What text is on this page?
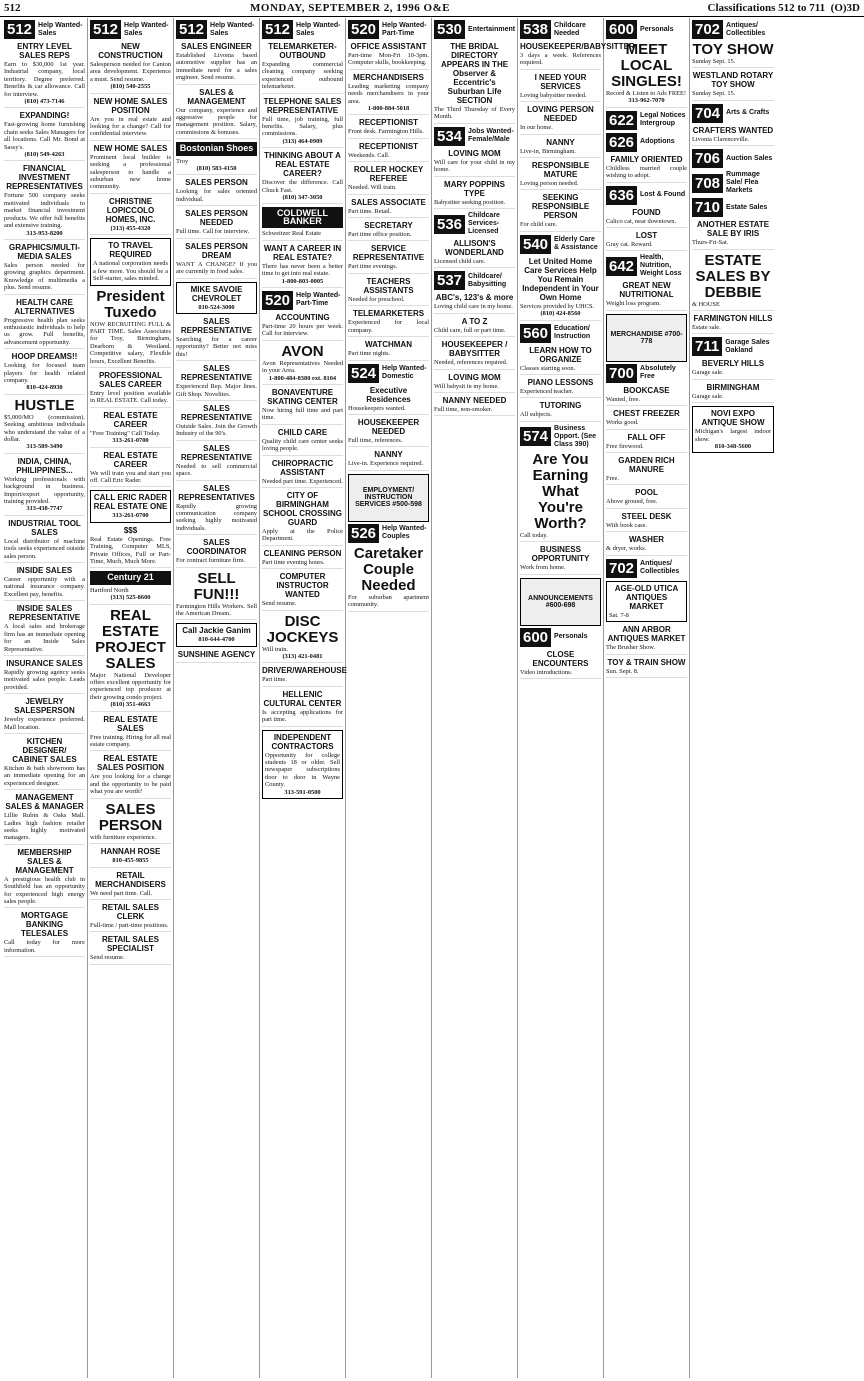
512	MONDAY, SEPTEMBER 2, 1996 O&E	Classifications 512 to 711 (O)3D
512 Help Wanted-Sales
ENTRY LEVEL SALES REPS
Earn to $30,000 1st year. Industrial company, local territory. Degree preferred. Benefits & car allowance. Call for interview.
(810) 473-7146
EXPANDING!
Fast-growing home furnishing chain seeks Sales Managers for all locations. Call Mr. Bond at Sassy's.
(810) 549-4263
FINANCIAL INVESTMENT REPRESENTATIVES
Fortune 500 company seeks motivated individuals to market financial investment products. We offer full benefits and extensive training.
313-953-8200
GRAPHICS/MULTI-MEDIA SALES
Sales person needed for growing graphics department. Knowledge of multimedia a plus. Send resume.
HEALTH CARE ALTERNATIVES
Progressive health plan seeks enthusiastic individuals to help us grow. Full benefits, advancement opportunity.
HOOP DREAMS!!
Looking for focused team players for health related company.
810-424-8930
HUSTLE
$5,000/MO (commission). Seeking ambitious individuals who understand the value of a dollar.
313-589-3490
INDIA, CHINA, PHILIPPINES...
Working professionals with background in business. Import/export opportunity, training provided.
313-438-7747
INDUSTRIAL TOOL SALES
Local distributor of machine tools seeks experienced outside sales person.
INSIDE SALES
Career opportunity with a national insurance company. Excellent pay, benefits.
INSIDE SALES REPRESENTATIVE
A local sales and brokerage firm has an immediate opening for an Inside Sales Representative.
INSURANCE SALES
Rapidly growing agency seeks motivated sales people. Leads provided.
JEWELRY SALESPERSON
Jewelry experience preferred. Mall location.
KITCHEN DESIGNER/ CABINET SALES
Kitchen & bath showroom has an immediate opening for an experienced designer.
MANAGEMENT SALES & MANAGER
Lillie Rubin & Oaks Mall. Ladies high fashion retailer seeks highly motivated managers.
MEMBERSHIP SALES & MANAGEMENT
A prestigious health club in Southfield has an opportunity for experienced high energy sales people.
MORTGAGE BANKING TELESALES
Call today for more information.
512 Help Wanted-Sales
NEW CONSTRUCTION
Salesperson needed for Canton area development. Experience a must. Send resume.
(810) 540-2555
NEW HOME SALES POSITION
Are you in real estate and looking for a change? Call for confidential interview.
NEW HOME SALES
Prominent local builder is seeking a professional salesperson to handle a suburban new home community.
CHRISTINE LOPICCOLO HOMES, INC.
(313) 455-4320
TO TRAVEL REQUIRED
A national corporation needs a few more. You should be a Self-starter, sales minded.
President Tuxedo
NOW RECRUITING FULL & PART TIME. Sales Associates for Troy, Birmingham, Dearborn & Westland. Competitive salary, Flexible hours, Excellent Benefits.
PROFESSIONAL SALES CAREER
Entry level position available in REAL ESTATE. Call today.
REAL ESTATE CAREER
"Free Training" Call Today.
313-261-0700
REAL ESTATE CAREER
We will train you and start you off. Call Eric Rader.
CALL ERIC RADER REAL ESTATE ONE
313-261-0700
$$$
Real Estate Openings. Free Training, Computer MLS, Private Offices, Full or Part-Time, Much, Much More.
Century 21
Hartford North
(313) 525-8600
REAL ESTATE PROJECT SALES
Major National Developer offers excellent opportunity for experienced top producer at their growing condo project.
(810) 351-4663
REAL ESTATE SALES
Free training. Hiring for all real estate company.
REAL ESTATE SALES POSITION
Are you looking for a change and the opportunity to be paid what you are worth?
SALES PERSON
with furniture experience.
HANNAH ROSE
810-455-9855
RETAIL MERCHANDISERS
We need part time. Call.
RETAIL SALES CLERK
Full-time / part-time positions.
RETAIL SALES SPECIALIST
Send resume.
512 Help Wanted-Sales
SALES ENGINEER
Established Livonia based automotive supplier has an immediate need for a sales engineer. Send resume.
SALES & MANAGEMENT
Our company, experience and aggressive people for management position. Salary, commissions & bonuses.
Bostonian Shoes
Troy
(810) 583-4150
SALES PERSON
Looking for sales oriented individual.
SALES PERSON NEEDED
Full time. Call for interview.
SALES PERSON DREAM
WANT A CHANGE? If you are currently in food sales.
MIKE SAVOIE CHEVROLET
810-524-3000
SALES REPRESENTATIVE
Searching for a career opportunity? Better not miss this!
SALES REPRESENTATIVE
Experienced Rep. Major lines. Gift Shop. Novelties.
SALES REPRESENTATIVE
Outside Sales. Join the Growth Industry of the 90's.
SALES REPRESENTATIVE
Needed to sell commercial space.
SALES REPRESENTATIVES
Rapidly growing communication company seeking highly motivated individuals.
SALES COORDINATOR
For contract furniture firm.
SELL FUN!!!
Farmington Hills Workers. Sell the American Dream.
Call Jackie Ganim
810-644-4700
SUNSHINE AGENCY
512 Help Wanted-Sales
TELEMARKETER-OUTBOUND
Expanding commercial cleaning company seeking experienced outbound telemarketer.
TELEPHONE SALES REPRESENTATIVE
Full time, job training, full benefits. Salary, plus commissions.
(313) 464-0909
THINKING ABOUT A REAL ESTATE CAREER?
Discover the difference. Call Chuck Fast.
(810) 347-3050
COLDWELL BANKER
Schweitzer Real Estate
WANT A CAREER IN REAL ESTATE?
There has never been a better time to get into real estate.
1-800-803-0005
520 Help Wanted-Part-Time
ACCOUNTING
Part-time 20 hours per week. Call for interview.
AVON
Avon Representatives Needed in your Area.
1-800-484-8380 ext. 8104
BONAVENTURE SKATING CENTER
Now hiring full time and part time.
CHILD CARE
Quality child care center seeks loving people.
CHIROPRACTIC ASSISTANT
Needed part time. Experienced.
CITY OF BIRMINGHAM SCHOOL CROSSING GUARD
Apply at the Police Department.
CLEANING PERSON
Part time evening hours.
COMPUTER INSTRUCTOR WANTED
Send resume.
DISC JOCKEYS
Will train.
(313) 421-0481
DRIVER/WAREHOUSE
Part time.
HELLENIC CULTURAL CENTER
Is accepting applications for part time.
INDEPENDENT CONTRACTORS
Opportunity for college students 18 or older. Sell newspaper subscriptions door to door in Wayne County.
313-591-0500
520 Help Wanted-Part-Time
OFFICE ASSISTANT
Part-time Mon-Fri 10-3pm. Computer skills, bookkeeping.
MERCHANDISERS
Leading marketing company needs merchandisers in your area.
1-800-884-5018
RECEPTIONIST
Front desk. Farmington Hills.
RECEPTIONIST
Weekends. Call.
ROLLER HOCKEY REFEREE
Needed. Will train.
SALES ASSOCIATE
Part time. Retail.
SECRETARY
Part time office position.
SERVICE REPRESENTATIVE
Part time evenings.
TEACHERS ASSISTANTS
Needed for preschool.
TELEMARKETERS
Experienced for local company.
WATCHMAN
Part time nights.
524 Help Wanted-Domestic
Executive Residences
Housekeepers wanted.
HOUSEKEEPER NEEDED
Full time, references.
NANNY
Live-in. Experience required.
EMPLOYMENT/ INSTRUCTION SERVICES #500-598
526 Help Wanted-Couples
Caretaker Couple Needed
For suburban apartment community.
530 Entertainment
THE BRIDAL DIRECTORY APPEARS IN THE Observer & Eccentric's Suburban Life SECTION
The Third Thursday of Every Month.
534 Jobs Wanted-Female/Male
LOVING MOM
Will care for your child in my home.
MARY POPPINS TYPE
Babysitter seeking position.
536 Childcare Services-Licensed
ALLISON'S WONDERLAND
Licensed child care.
537 Childcare/ Babysitting
ABC's, 123's & more
Loving child care in my home.
A TO Z
Child care, full or part time.
HOUSEKEEPER / BABYSITTER
Needed, references required.
LOVING MOM
Will babysit in my home.
NANNY NEEDED
Full time, non-smoker.
538 Childcare Needed
HOUSEKEEPER/BABYSITTER
3 days a week. References required.
I NEED YOUR SERVICES
Loving babysitter needed.
LOVING PERSON NEEDED
In our home.
NANNY
Live-in, Birmingham.
RESPONSIBLE MATURE
Loving person needed.
SEEKING RESPONSIBLE PERSON
For child care.
540 Elderly Care & Assistance
Let United Home Care Services Help You Remain Independent in Your Own Home
Services provided by UHCS.
(810) 424-8560
560 Education/ Instruction
LEARN HOW TO ORGANIZE
Classes starting soon.
PIANO LESSONS
Experienced teacher.
TUTORING
All subjects.
574 Business Opport. (See Class 390)
Are You Earning What You're Worth?
Call today.
BUSINESS OPPORTUNITY
Work from home.
ANNOUNCEMENTS #600-698
600 Personals
CLOSE ENCOUNTERS
Video introductions.
600 Personals
MEET LOCAL SINGLES!
Record & Listen to Ads FREE!
313-962-7070
622 Legal Notices Intergroup
626 Adoptions
FAMILY ORIENTED
Childless married couple wishing to adopt.
636 Lost & Found
FOUND
Calico cat, near downtown.
LOST
Gray cat. Reward.
642 Health, Nutrition, Weight Loss
GREAT NEW NUTRITIONAL
Weight loss program.
MERCHANDISE #700-778
700 Absolutely Free
BOOKCASE
Wanted, free.
CHEST FREEZER
Works good.
FALL OFF
Free firewood.
GARDEN RICH MANURE
Free.
POOL
Above ground, free.
STEEL DESK
With book case.
WASHER
& dryer, works.
702 Antiques/ Collectibles
AGE-OLD UTICA ANTIQUES MARKET
Sat. 7-8
ANN ARBOR ANTIQUES MARKET
The Brusher Show.
TOY & TRAIN SHOW
Sun. Sept. 8.
702 Antiques/ Collectibles
TOY SHOW
Sunday Sept. 15.
WESTLAND ROTARY TOY SHOW
Sunday Sept. 15.
704 Arts & Crafts
CRAFTERS WANTED
Livonia Clarenceville.
706 Auction Sales
708 Rummage Sale/ Flea Markets
710 Estate Sales
ANOTHER ESTATE SALE BY IRIS
Thurs-Fri-Sat.
ESTATE SALES BY DEBBIE
& HOUSE
FARMINGTON HILLS
Estate sale.
711 Garage Sales Oakland
BEVERLY HILLS
Garage sale.
BIRMINGHAM
Garage sale.
NOVI EXPO ANTIQUE SHOW
Michigan's largest indoor show.
810-348-5600
